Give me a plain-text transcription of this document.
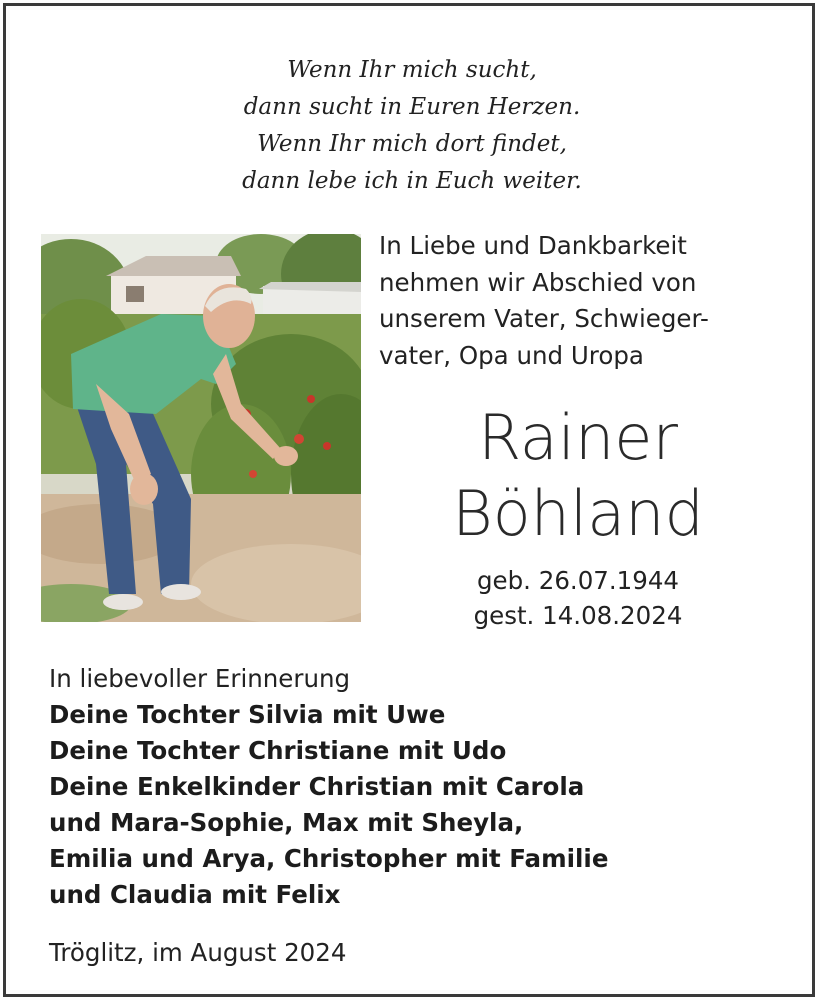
Wenn Ihr mich sucht,
dann sucht in Euren Herzen.
Wenn Ihr mich dort findet,
dann lebe ich in Euch weiter.
In Liebe und Dankbarkeit
nehmen wir Abschied von
unserem Vater, Schwieger-
vater, Opa und Uropa
Rainer
Böhland
geb. 26.07.1944
gest. 14.08.2024
In liebevoller Erinnerung
Deine Tochter Silvia mit Uwe
Deine Tochter Christiane mit Udo
Deine Enkelkinder Christian mit Carola
und Mara-Sophie, Max mit Sheyla,
Emilia und Arya, Christopher mit Familie
und Claudia mit Felix
Tröglitz, im August 2024
